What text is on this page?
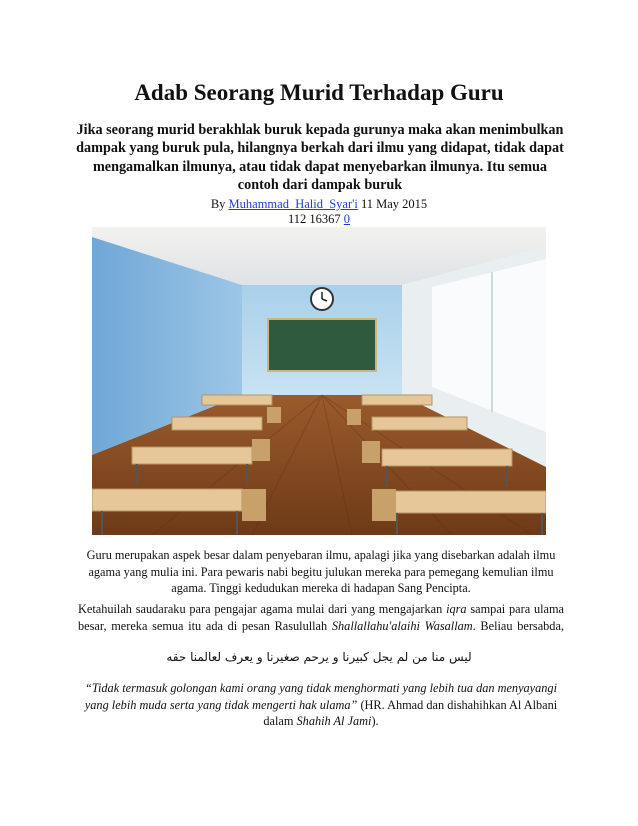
Adab Seorang Murid Terhadap Guru

Jika seorang murid berakhlak buruk kepada gurunya maka akan menimbulkan dampak yang buruk pula, hilangnya berkah dari ilmu yang didapat, tidak dapat mengamalkan ilmunya, atau tidak dapat menyebarkan ilmunya. Itu semua contoh dari dampak buruk

By Muhammad_Halid_Syar'i 11 May 2015
112 16367 0

Guru merupakan aspek besar dalam penyebaran ilmu, apalagi jika yang disebarkan adalah ilmu agama yang mulia ini. Para pewaris nabi begitu julukan mereka para pemegang kemulian ilmu agama. Tinggi kedudukan mereka di hadapan Sang Pencipta.

Ketahuilah saudaraku para pengajar agama mulai dari yang mengajarkan iqra sampai para ulama besar, mereka semua itu ada di pesan Rasulullah Shallallahu'alaihi Wasallam. Beliau bersabda,

ليس منا من لم يجل كبيرنا و يرحم صغيرنا و يعرف لعالمنا حقه

“Tidak termasuk golongan kami orang yang tidak menghormati yang lebih tua dan menyayangi yang lebih muda serta yang tidak mengerti hak ulama” (HR. Ahmad dan dishahihkan Al Albani dalam Shahih Al Jami).
